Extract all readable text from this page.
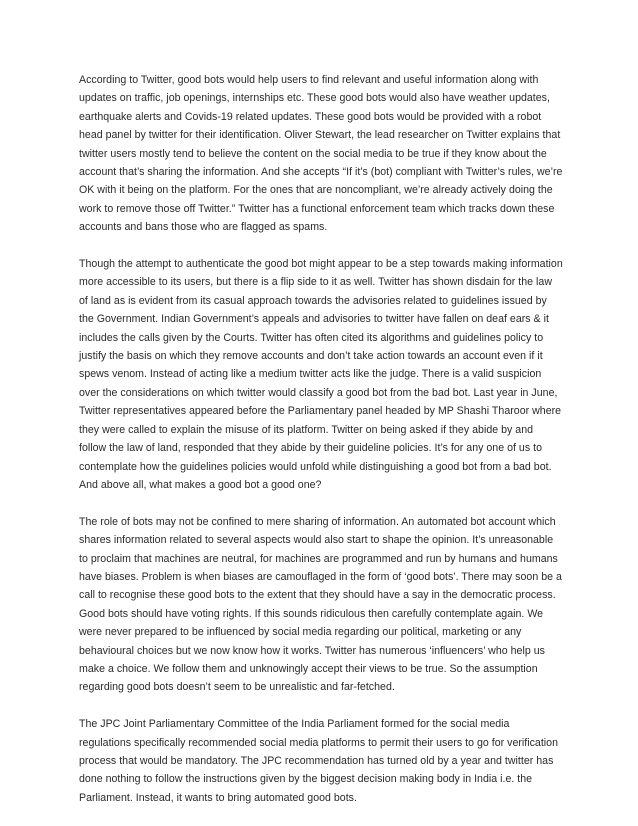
According to Twitter, good bots would help users to find relevant and useful information along with updates on traffic, job openings, internships etc. These good bots would also have weather updates, earthquake alerts and Covids-19 related updates. These good bots would be provided with a robot head panel by twitter for their identification. Oliver Stewart, the lead researcher on Twitter explains that twitter users mostly tend to believe the content on the social media to be true if they know about the account that’s sharing the information. And she accepts “If it’s (bot) compliant with Twitter’s rules, we’re OK with it being on the platform. For the ones that are noncompliant, we’re already actively doing the work to remove those off Twitter.” Twitter has a functional enforcement team which tracks down these accounts and bans those who are flagged as spams.

Though the attempt to authenticate the good bot might appear to be a step towards making information more accessible to its users, but there is a flip side to it as well. Twitter has shown disdain for the law of land as is evident from its casual approach towards the advisories related to guidelines issued by the Government. Indian Government’s appeals and advisories to twitter have fallen on deaf ears & it includes the calls given by the Courts. Twitter has often cited its algorithms and guidelines policy to justify the basis on which they remove accounts and don’t take action towards an account even if it spews venom. Instead of acting like a medium twitter acts like the judge. There is a valid suspicion over the considerations on which twitter would classify a good bot from the bad bot. Last year in June, Twitter representatives appeared before the Parliamentary panel headed by MP Shashi Tharoor where they were called to explain the misuse of its platform. Twitter on being asked if they abide by and follow the law of land, responded that they abide by their guideline policies. It’s for any one of us to contemplate how the guidelines policies would unfold while distinguishing a good bot from a bad bot. And above all, what makes a good bot a good one?

The role of bots may not be confined to mere sharing of information. An automated bot account which shares information related to several aspects would also start to shape the opinion. It’s unreasonable to proclaim that machines are neutral, for machines are programmed and run by humans and humans have biases. Problem is when biases are camouflaged in the form of ‘good bots’. There may soon be a call to recognise these good bots to the extent that they should have a say in the democratic process. Good bots should have voting rights. If this sounds ridiculous then carefully contemplate again. We were never prepared to be influenced by social media regarding our political, marketing or any behavioural choices but we now know how it works. Twitter has numerous ‘influencers’ who help us make a choice. We follow them and unknowingly accept their views to be true. So the assumption regarding good bots doesn’t seem to be unrealistic and far-fetched.

The JPC Joint Parliamentary Committee of the India Parliament formed for the social media regulations specifically recommended social media platforms to permit their users to go for verification process that would be mandatory. The JPC recommendation has turned old by a year and twitter has done nothing to follow the instructions given by the biggest decision making body in India i.e. the Parliament. Instead, it wants to bring automated good bots.
